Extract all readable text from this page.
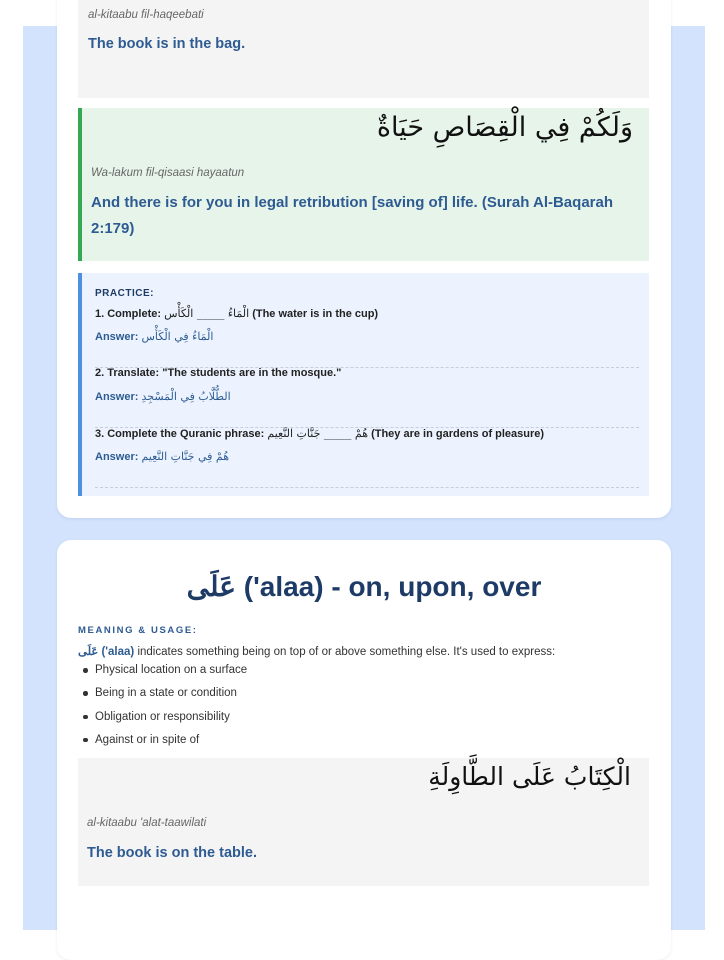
al-kitaabu fil-haqeebati
The book is in the bag.
وَلَكُمْ فِي الْقِصَاصِ حَيَاةٌ
Wa-lakum fil-qisaasi hayaatun
And there is for you in legal retribution [saving of] life. (Surah Al-Baqarah 2:179)
PRACTICE:
1. Complete: الْمَاءُ _____ الْكَأْس (The water is in the cup)
Answer: الْمَاءُ فِي الْكَأْس
2. Translate: "The students are in the mosque."
Answer: الطُّلَّابُ فِي الْمَسْجِدِ
3. Complete the Quranic phrase: هُمْ _____ جَنَّاتِ النَّعِيم (They are in gardens of pleasure)
Answer: هُمْ فِي جَنَّاتِ النَّعِيم
عَلَى ('alaa) - on, upon, over
MEANING & USAGE:
عَلَى ('alaa) indicates something being on top of or above something else. It's used to express:
Physical location on a surface
Being in a state or condition
Obligation or responsibility
Against or in spite of
الْكِتَابُ عَلَى الطَّاوِلَةِ
al-kitaabu 'alat-taawilati
The book is on the table.
